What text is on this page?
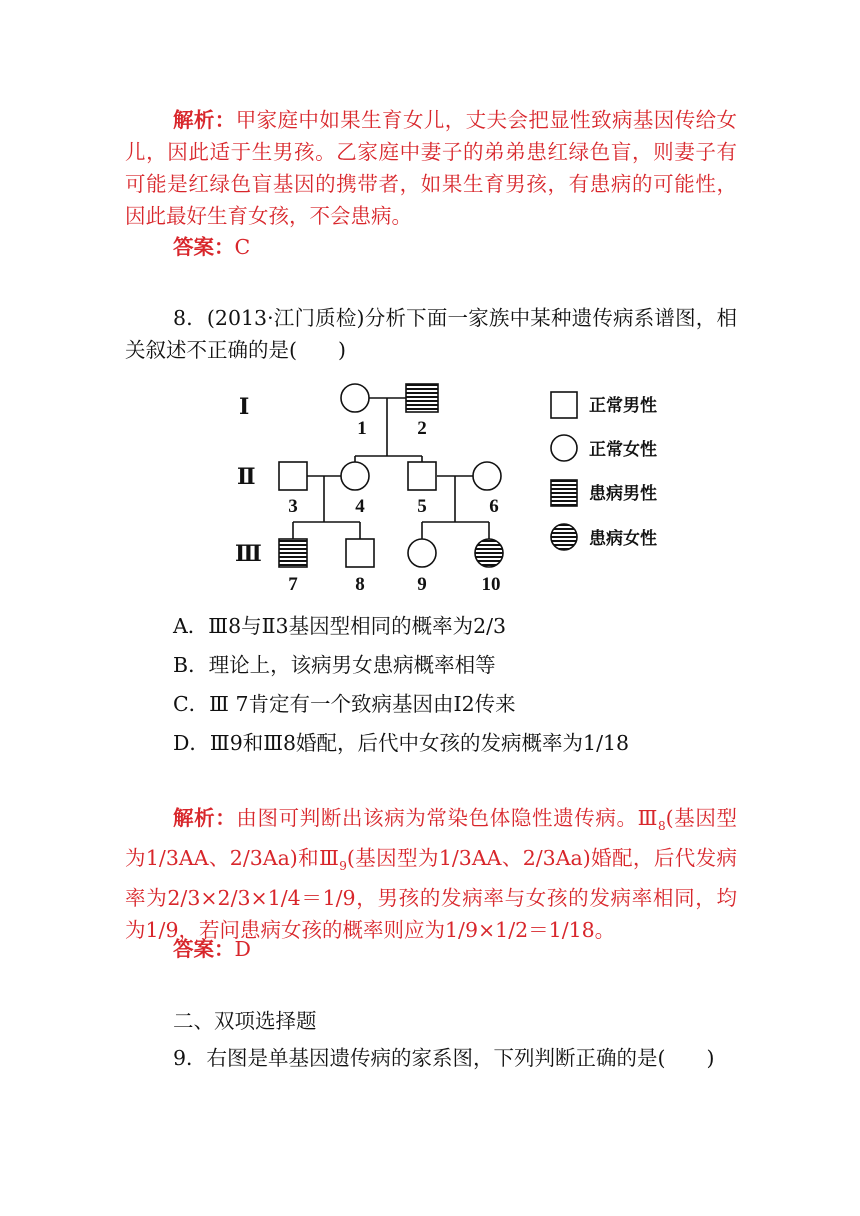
解析：甲家庭中如果生育女儿，丈夫会把显性致病基因传给女儿，因此适于生男孩。乙家庭中妻子的弟弟患红绿色盲，则妻子有可能是红绿色盲基因的携带者，如果生育男孩，有患病的可能性，因此最好生育女孩，不会患病。
答案：C
8．(2013·江门质检)分析下面一家族中某种遗传病系谱图，相关叙述不正确的是(　　)
Ⅰ
Ⅱ
Ⅲ
1	2
3	4	5	6
7	8	9	10
正常男性
正常女性
患病男性
患病女性
A．Ⅲ8与Ⅱ3基因型相同的概率为2/3
B．理论上，该病男女患病概率相等
C．Ⅲ 7肯定有一个致病基因由Ⅰ2传来
D．Ⅲ9和Ⅲ8婚配，后代中女孩的发病概率为1/18
解析：由图可判断出该病为常染色体隐性遗传病。$Ⅲ_8$(基因型为1/3AA、2/3Aa)和$Ⅲ_9$(基因型为1/3AA、2/3Aa)婚配，后代发病率为2/3×2/3×1/4＝1/9，男孩的发病率与女孩的发病率相同，均为1/9，若问患病女孩的概率则应为1/9×1/2＝1/18。
答案：D
二、双项选择题
9．右图是单基因遗传病的家系图，下列判断正确的是(　　)
